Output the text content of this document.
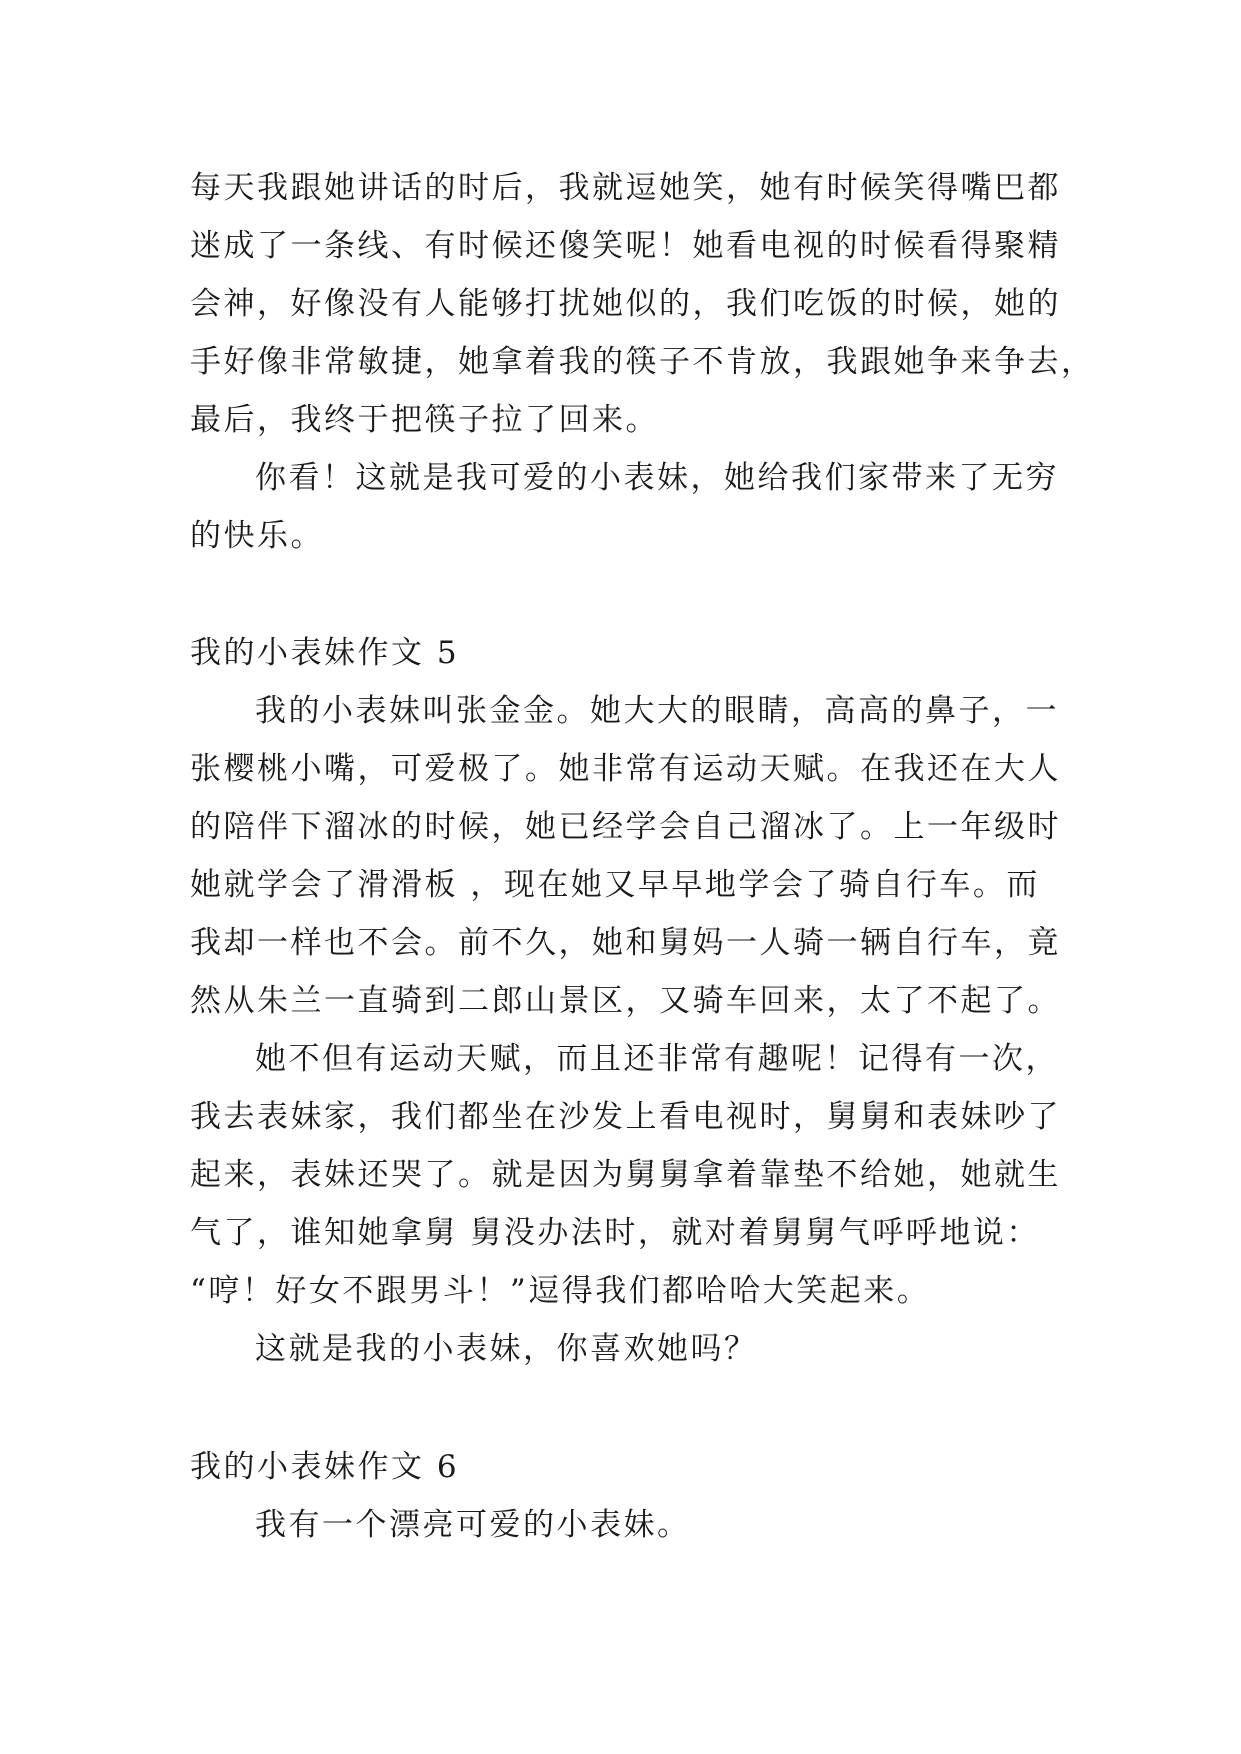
每天我跟她讲话的时后，我就逗她笑，她有时候笑得嘴巴都
迷成了一条线、有时候还傻笑呢！她看电视的时候看得聚精
会神，好像没有人能够打扰她似的，我们吃饭的时候，她的
手好像非常敏捷，她拿着我的筷子不肯放，我跟她争来争去，
最后，我终于把筷子拉了回来。
你看！这就是我可爱的小表妹，她给我们家带来了无穷
的快乐。
我的小表妹作文 5
我的小表妹叫张金金。她大大的眼睛，高高的鼻子，一
张樱桃小嘴，可爱极了。她非常有运动天赋。在我还在大人
的陪伴下溜冰的时候，她已经学会自己溜冰了。上一年级时
她就学会了滑滑板 ，现在她又早早地学会了骑自行车。而
我却一样也不会。前不久，她和舅妈一人骑一辆自行车，竟
然从朱兰一直骑到二郎山景区，又骑车回来，太了不起了。
她不但有运动天赋，而且还非常有趣呢！记得有一次，
我去表妹家，我们都坐在沙发上看电视时，舅舅和表妹吵了
起来，表妹还哭了。就是因为舅舅拿着靠垫不给她，她就生
气了，谁知她拿舅 舅没办法时，就对着舅舅气呼呼地说：
“哼！好女不跟男斗！”逗得我们都哈哈大笑起来。
这就是我的小表妹，你喜欢她吗？
我的小表妹作文 6
我有一个漂亮可爱的小表妹。
